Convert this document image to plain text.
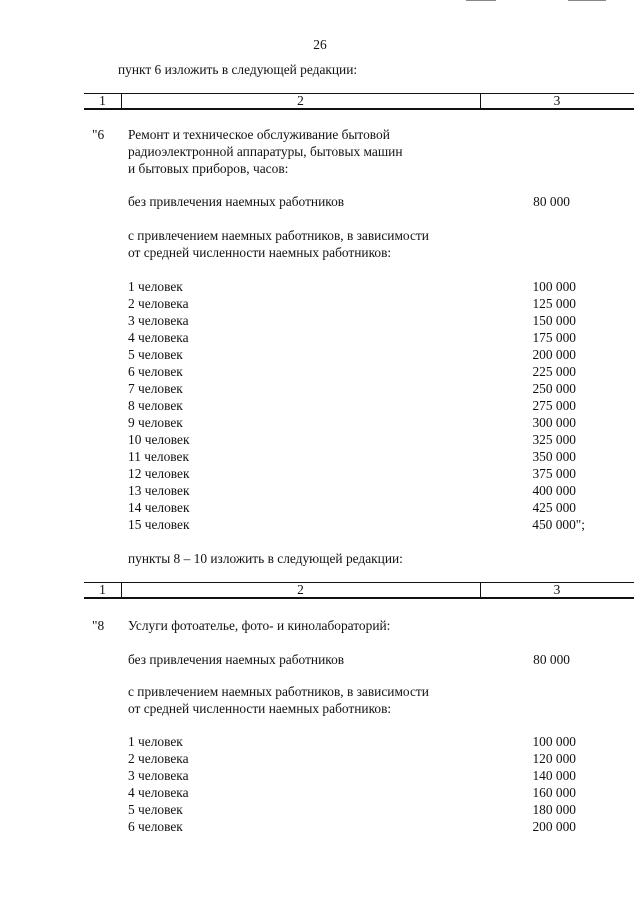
26
пункт 6 изложить в следующей редакции:
1	2	3
"6 Ремонт и техническое обслуживание бытовой
радиоэлектронной аппаратуры, бытовых машин
и бытовых приборов, часов:
без привлечения наемных работников	80 000
с привлечением наемных работников, в зависимости
от средней численности наемных работников:
1 человек	100 000
2 человека	125 000
3 человека	150 000
4 человека	175 000
5 человек	200 000
6 человек	225 000
7 человек	250 000
8 человек	275 000
9 человек	300 000
10 человек	325 000
11 человек	350 000
12 человек	375 000
13 человек	400 000
14 человек	425 000
15 человек	450 000";
пункты 8 – 10 изложить в следующей редакции:
1	2	3
"8 Услуги фотоателье, фото- и кинолабораторий:
без привлечения наемных работников	80 000
с привлечением наемных работников, в зависимости
от средней численности наемных работников:
1 человек	100 000
2 человека	120 000
3 человека	140 000
4 человека	160 000
5 человек	180 000
6 человек	200 000
